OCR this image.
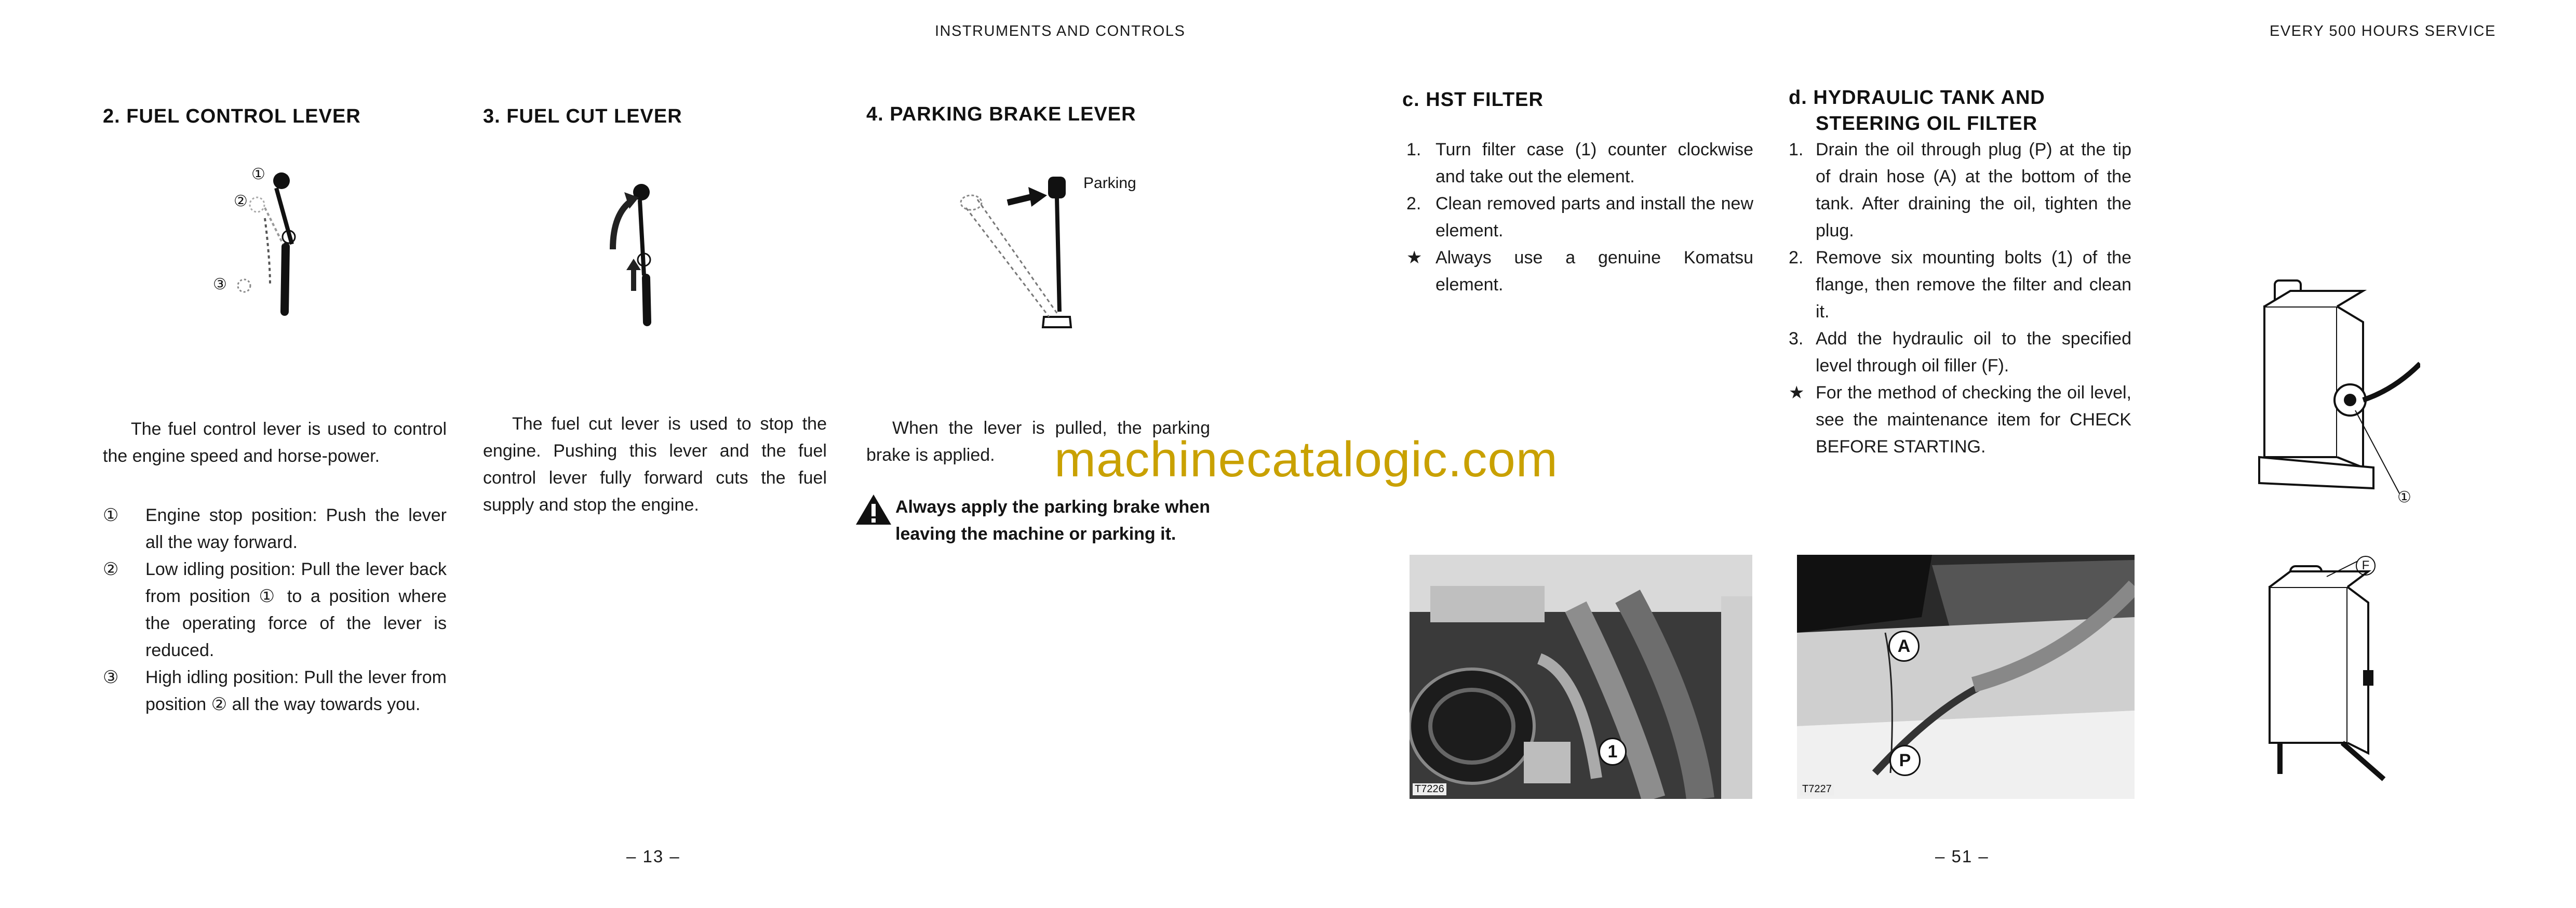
INSTRUMENTS AND CONTROLS
2. FUEL CONTROL LEVER
①
②
③
The fuel control lever is used to control the engine speed and horse-power.
① Engine stop position: Push the lever all the way forward.
② Low idling position: Pull the lever back from position ① to a position where the operating force of the lever is reduced.
③ High idling position: Pull the lever from position ② all the way towards you.
3. FUEL CUT LEVER
The fuel cut lever is used to stop the engine. Pushing this lever and the fuel control lever fully forward cuts the fuel supply and stop the engine.
4. PARKING BRAKE LEVER
Parking
When the lever is pulled, the parking brake is applied.
Always apply the parking brake when leaving the machine or parking it.
– 13 –
EVERY 500 HOURS SERVICE
c. HST FILTER
1. Turn filter case (1) counter clockwise and take out the element.
2. Clean removed parts and install the new element.
★ Always use a genuine Komatsu element.
d. HYDRAULIC TANK AND
STEERING OIL FILTER
1. Drain the oil through plug (P) at the tip of drain hose (A) at the bottom of the tank. After draining the oil, tighten the plug.
2. Remove six mounting bolts (1) of the flange, then remove the filter and clean it.
3. Add the hydraulic oil to the specified level through oil filler (F).
★ For the method of checking the oil level, see the maintenance item for CHECK BEFORE STARTING.
1
T7226
A
P
T7227
①
F
– 51 –
machinecatalogic.com
